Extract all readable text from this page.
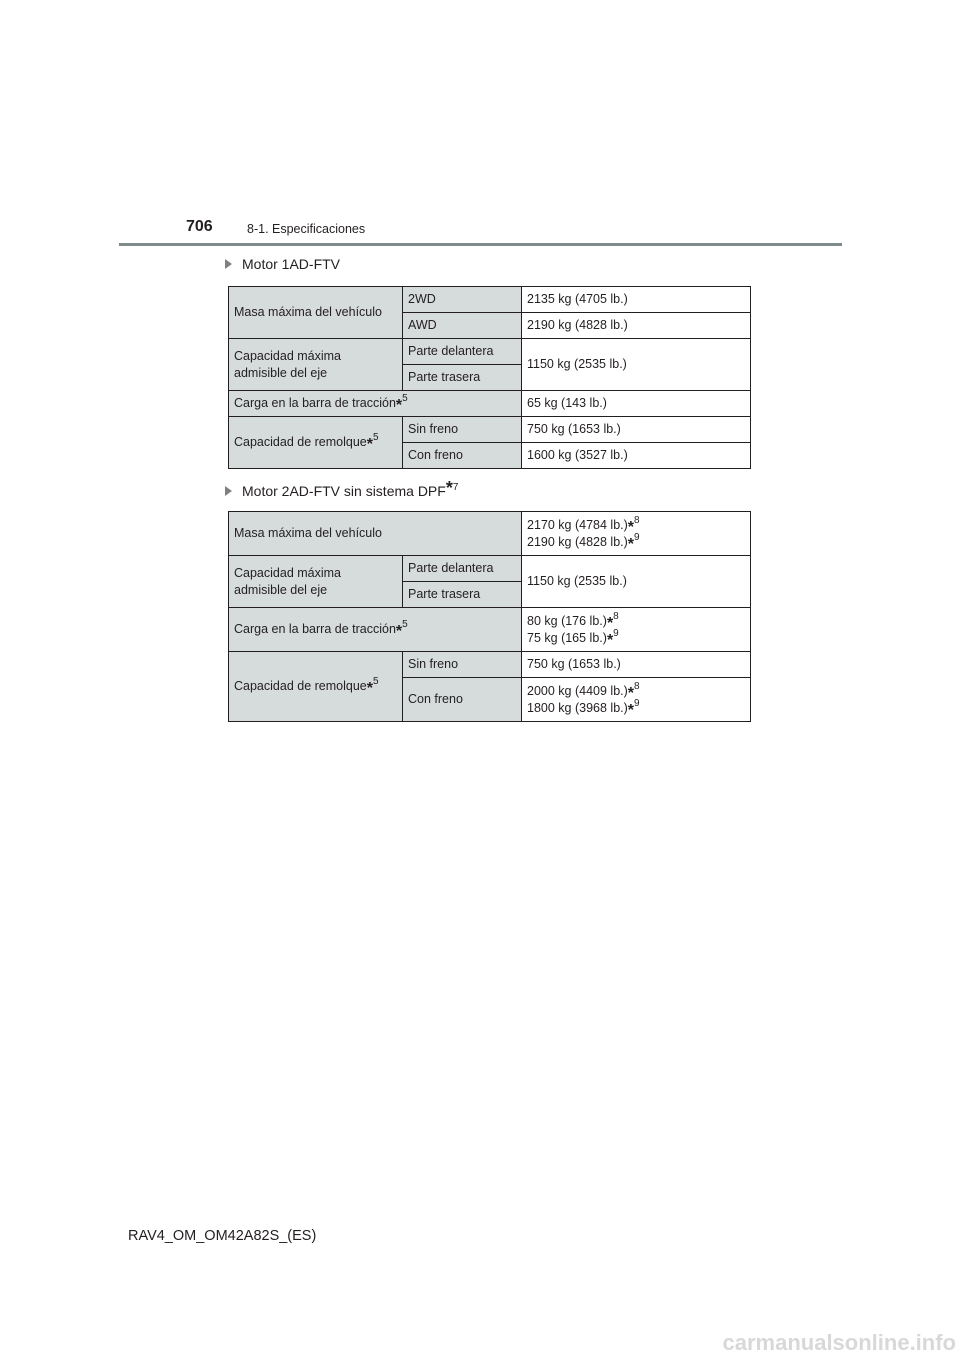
706	8-1. Especificaciones
Motor 1AD-FTV
Masa máxima del vehículo	2WD	2135 kg (4705 lb.)
	AWD	2190 kg (4828 lb.)
Capacidad máxima admisible del eje	Parte delantera	1150 kg (2535 lb.)
	Parte trasera	
Carga en la barra de tracción*$^5$		65 kg (143 lb.)
Capacidad de remolque*$^5$	Sin freno	750 kg (1653 lb.)
	Con freno	1600 kg (3527 lb.)
Motor 2AD-FTV sin sistema DPF *$^7$
Masa máxima del vehículo		2170 kg (4784 lb.)*$^8$
2190 kg (4828 lb.)*$^9$

Capacidad máxima admisible del eje	Parte delantera	1150 kg (2535 lb.)
	Parte trasera	
Carga en la barra de tracción*$^5$		80 kg (176 lb.)*$^8$
75 kg (165 lb.)*$^9$

Capacidad de remolque*$^5$	Sin freno	750 kg (1653 lb.)
	Con freno	2000 kg (4409 lb.)*$^8$
1800 kg (3968 lb.)*$^9$
RAV4_OM_OM42A82S_(ES)
carmanualsonline.info
